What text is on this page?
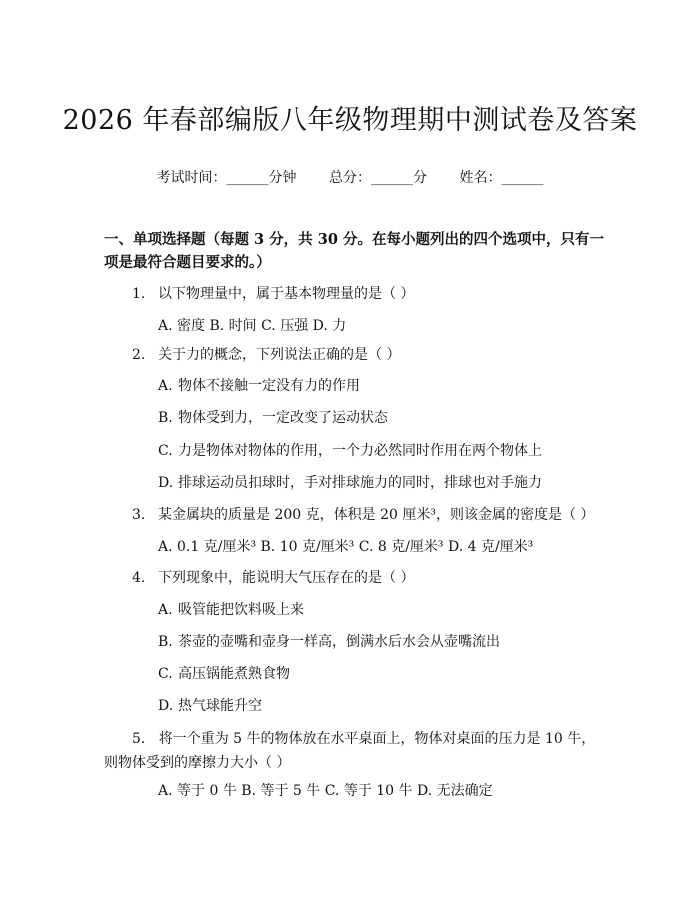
2026 年春部编版八年级物理期中测试卷及答案
考试时间：______分钟 总分：______分 姓名：______
一、单项选择题（每题 3 分，共 30 分。在每小题列出的四个选项中，只有一项是最符合题目要求的。）
1. 以下物理量中，属于基本物理量的是（ ）
A. 密度 B. 时间 C. 压强 D. 力
2. 关于力的概念，下列说法正确的是（ ）
A. 物体不接触一定没有力的作用
B. 物体受到力，一定改变了运动状态
C. 力是物体对物体的作用，一个力必然同时作用在两个物体上
D. 排球运动员扣球时，手对排球施力的同时，排球也对手施力
3. 某金属块的质量是 200 克，体积是 20 厘米³，则该金属的密度是（ ）
A. 0.1 克/厘米³ B. 10 克/厘米³ C. 8 克/厘米³ D. 4 克/厘米³
4. 下列现象中，能说明大气压存在的是（ ）
A. 吸管能把饮料吸上来
B. 茶壶的壶嘴和壶身一样高，倒满水后水会从壶嘴流出
C. 高压锅能煮熟食物
D. 热气球能升空
5. 将一个重为 5 牛的物体放在水平桌面上，物体对桌面的压力是 10 牛，则物体受到的摩擦力大小（ ）
A. 等于 0 牛 B. 等于 5 牛 C. 等于 10 牛 D. 无法确定
